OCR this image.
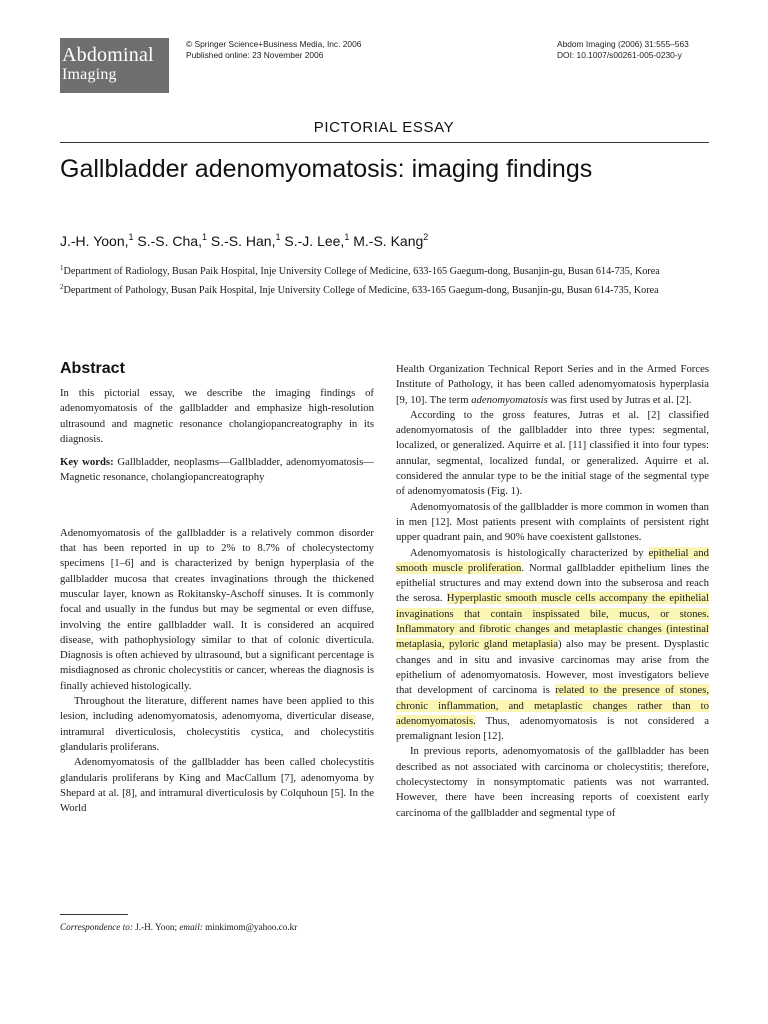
Abdominal
Imaging
© Springer Science+Business Media, Inc. 2006
Published online: 23 November 2006
Abdom Imaging (2006) 31:555–563
DOI: 10.1007/s00261-005-0230-y
PICTORIAL ESSAY
Gallbladder adenomyomatosis: imaging findings
J.-H. Yoon,$^1$ S.-S. Cha,$^1$ S.-S. Han,$^1$ S.-J. Lee,$^1$ M.-S. Kang$^2$
$^1$Department of Radiology, Busan Paik Hospital, Inje University College of Medicine, 633-165 Gaegum-dong, Busanjin-gu, Busan 614-735, Korea
$^2$Department of Pathology, Busan Paik Hospital, Inje University College of Medicine, 633-165 Gaegum-dong, Busanjin-gu, Busan 614-735, Korea
Abstract

In this pictorial essay, we describe the imaging findings of adenomyomatosis of the gallbladder and emphasize high-resolution ultrasound and magnetic resonance cholangiopancreatography in its diagnosis.

Key words: Gallbladder, neoplasms—Gallbladder, adenomyomatosis—Magnetic resonance, cholangiopancreatography

Adenomyomatosis of the gallbladder is a relatively common disorder that has been reported in up to 2% to 8.7% of cholecystectomy specimens [1–6] and is characterized by benign hyperplasia of the gallbladder mucosa that creates invaginations through the thickened muscular layer, known as Rokitansky-Aschoff sinuses. It is commonly focal and usually in the fundus but may be segmental or even diffuse, involving the entire gallbladder wall. It is considered an acquired disease, with pathophysiology similar to that of colonic diverticula. Diagnosis is often achieved by ultrasound, but a significant percentage is misdiagnosed as chronic cholecystitis or cancer, whereas the diagnosis is finally achieved histologically.

Throughout the literature, different names have been applied to this lesion, including adenomyomatosis, adenomyoma, diverticular disease, intramural diverticulosis, cholecystitis cystica, and cholecystitis glandularis proliferans.

Adenomyomatosis of the gallbladder has been called cholecystitis glandularis proliferans by King and MacCallum [7], adenomyoma by Shepard at al. [8], and intramural diverticulosis by Colquhoun [5]. In the World

Health Organization Technical Report Series and in the Armed Forces Institute of Pathology, it has been called adenomyomatosis hyperplasia [9, 10]. The term adenomyomatosis was first used by Jutras et al. [2].

According to the gross features, Jutras et al. [2] classified adenomyomatosis of the gallbladder into three types: segmental, localized, or generalized. Aquirre et al. [11] classified it into four types: annular, segmental, localized fundal, or generalized. Aquirre et al. considered the annular type to be the initial stage of the segmental type of adenomyomatosis (Fig. 1).

Adenomyomatosis of the gallbladder is more common in women than in men [12]. Most patients present with complaints of persistent right upper quadrant pain, and 90% have coexistent gallstones.

Adenomyomatosis is histologically characterized by epithelial and smooth muscle proliferation. Normal gallbladder epithelium lines the epithelial structures and may extend down into the subserosa and reach the serosa. Hyperplastic smooth muscle cells accompany the epithelial invaginations that contain inspissated bile, mucus, or stones. Inflammatory and fibrotic changes and metaplastic changes (intestinal metaplasia, pyloric gland metaplasia) also may be present. Dysplastic changes and in situ and invasive carcinomas may arise from the epithelium of adenomyomatosis. However, most investigators believe that development of carcinoma is related to the presence of stones, chronic inflammation, and metaplastic changes rather than to adenomyomatosis. Thus, adenomyomatosis is not considered a premalignant lesion [12].

In previous reports, adenomyomatosis of the gallbladder has been described as not associated with carcinoma or cholecystitis; therefore, cholecystectomy in nonsymptomatic patients was not warranted. However, there have been increasing reports of coexistent early carcinoma of the gallbladder and segmental type of

Correspondence to: J.-H. Yoon; email: minkimom@yahoo.co.kr
